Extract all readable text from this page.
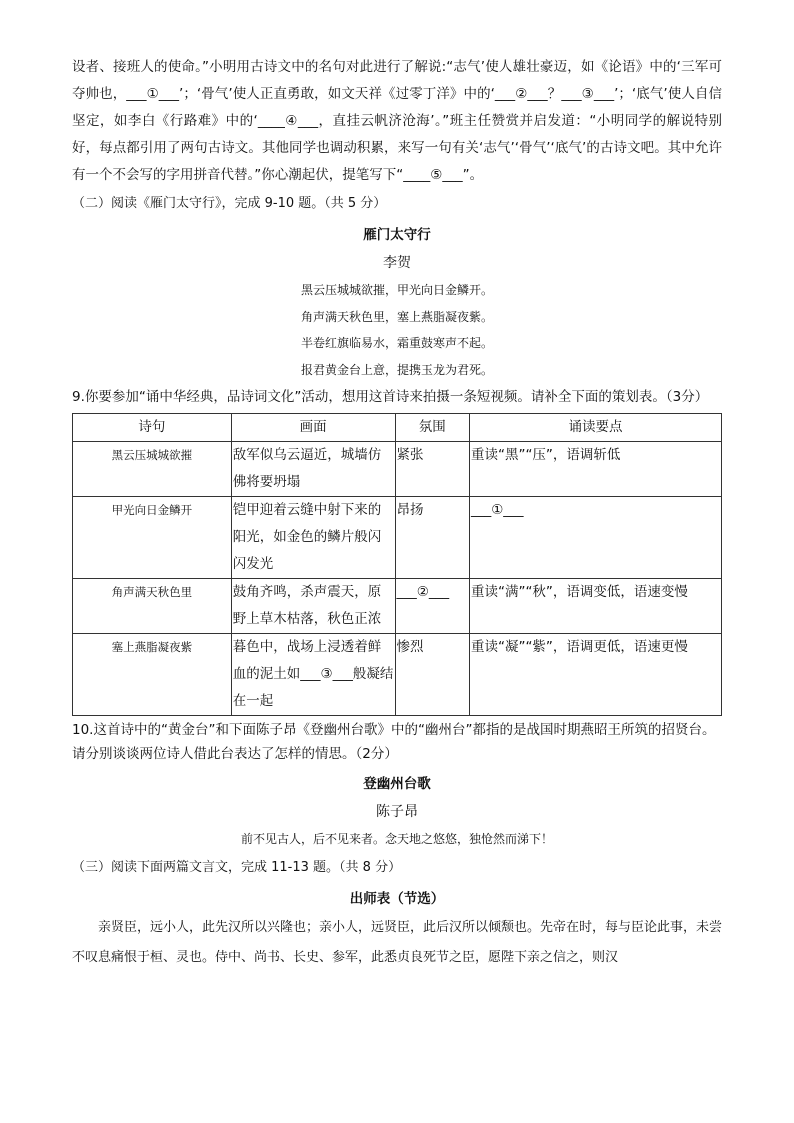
设者、接班人的使命。”小明用古诗文中的名句对此进行了解说:“志气’使人雄壮豪迈，如《论语》中的‘三军可夺帅也，___①___’；‘骨气’使人正直勇敢，如文天祥《过零丁洋》中的‘___②___？___③___’；‘底气’使人自信坚定，如李白《行路难》中的‘____④___，直挂云帆济沧海’。”班主任赞赏并启发道：“小明同学的解说特别好，每点都引用了两句古诗文。其他同学也调动积累，来写一句有关‘志气’‘骨气’‘底气’的古诗文吧。其中允许有一个不会写的字用拼音代替。”你心潮起伏，提笔写下“____⑤___”。

（二）阅读《雁门太守行》，完成 9-10 题。（共 5 分）

雁门太守行

李贺

黑云压城城欲摧，甲光向日金鳞开。

角声满天秋色里，塞上燕脂凝夜紫。

半卷红旗临易水，霜重鼓寒声不起。

报君黄金台上意，提携玉龙为君死。

9.你要参加“诵中华经典，品诗词文化”活动，想用这首诗来拍摄一条短视频。请补全下面的策划表。（3分）

诗句	画面	氛围	诵读要点
黑云压城城欲摧	敌军似乌云逼近，城墙仿佛将要坍塌	紧张	重读“黑”“压”，语调斩低
甲光向日金鳞开	铠甲迎着云缝中射下来的阳光，如金色的鳞片般闪闪发光	昂扬	___①___
角声满天秋色里	鼓角齐鸣，杀声震天，原野上草木枯落，秋色正浓	___②___	重读“满”“秋”，语调变低，语速变慢
塞上燕脂凝夜紫	暮色中，战场上浸透着鲜血的泥土如___③___般凝结在一起	惨烈	重读“凝”“紫”，语调更低，语速更慢

10.这首诗中的“黄金台”和下面陈子昂《登幽州台歌》中的“幽州台”都指的是战国时期燕昭王所筑的招贤台。请分别谈谈两位诗人借此台表达了怎样的情思。（2分）

登幽州台歌

陈子昂

前不见古人，后不见来者。念天地之悠悠，独怆然而涕下！

（三）阅读下面两篇文言文，完成 11-13 题。（共 8 分）

出师表（节选）

亲贤臣，远小人，此先汉所以兴隆也；亲小人，远贤臣，此后汉所以倾颓也。先帝在时，每与臣论此事，未尝不叹息痛恨于桓、灵也。侍中、尚书、长史、参军，此悉贞良死节之臣，愿陛下亲之信之，则汉
